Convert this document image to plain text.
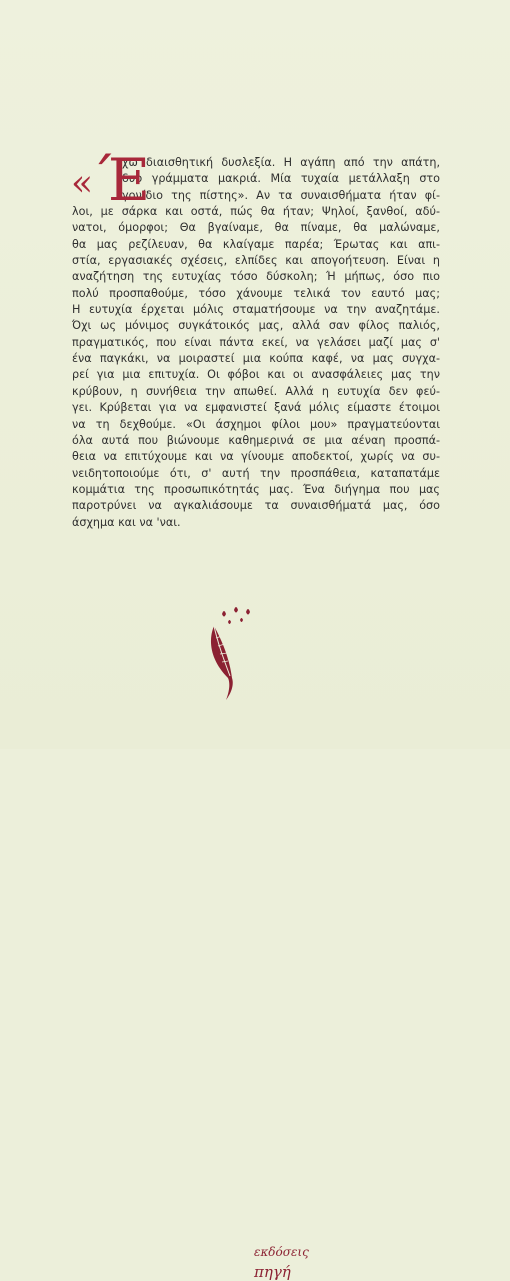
« Έ
χω διαισθητική δυσλεξία. Η αγάπη από την απάτη,
δυο γράμματα μακριά. Μία τυχαία μετάλλαξη στο
γονίδιο της πίστης». Αν τα συναισθήματα ήταν φί-
λοι, με σάρκα και οστά, πώς θα ήταν; Ψηλοί, ξανθοί, αδύ-
νατοι, όμορφοι; Θα βγαίναμε, θα πίναμε, θα μαλώναμε,
θα μας ρεζίλευαν, θα κλαίγαμε παρέα; Έρωτας και απι-
στία, εργασιακές σχέσεις, ελπίδες και απογοήτευση. Είναι η
αναζήτηση της ευτυχίας τόσο δύσκολη; Ή μήπως, όσο πιο
πολύ προσπαθούμε, τόσο χάνουμε τελικά τον εαυτό μας;
Η ευτυχία έρχεται μόλις σταματήσουμε να την αναζητάμε.
Όχι ως μόνιμος συγκάτοικός μας, αλλά σαν φίλος παλιός,
πραγματικός, που είναι πάντα εκεί, να γελάσει μαζί μας σ'
ένα παγκάκι, να μοιραστεί μια κούπα καφέ, να μας συγχα-
ρεί για μια επιτυχία. Οι φόβοι και οι ανασφάλειες μας την
κρύβουν, η συνήθεια την απωθεί. Αλλά η ευτυχία δεν φεύ-
γει. Κρύβεται για να εμφανιστεί ξανά μόλις είμαστε έτοιμοι
να τη δεχθούμε. «Οι άσχημοι φίλοι μου» πραγματεύονται
όλα αυτά που βιώνουμε καθημερινά σε μια αέναη προσπά-
θεια να επιτύχουμε και να γίνουμε αποδεκτοί, χωρίς να συ-
νειδητοποιούμε ότι, σ' αυτή την προσπάθεια, καταπατάμε
κομμάτια της προσωπικότητάς μας. Ένα διήγημα που μας
παροτρύνει να αγκαλιάσουμε τα συναισθήματά μας, όσο
άσχημα και να 'ναι.
εκδόσεις
πηγή
